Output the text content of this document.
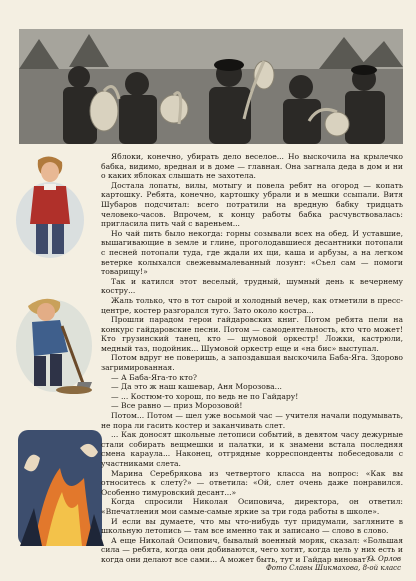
Яблоки, конечно, убирать дело веселое... Но выскочила на крылечко бабка, видимо, вредная и в доме — главная. Она загнала деда в дом и ни о каких яблоках слышать не захотела.

Достала лопаты, вилы, мотыгу и повела ребят на огород — копать картошку. Ребята, конечно, картошку убрали и в мешки ссыпали. Витя Шубаров подсчитал: всего потратили на вредную бабку тридцать человеко-часов. Впрочем, к концу работы бабка расчувствовалась: пригласила пить чай с вареньем...

Но чай пить было некогда: горны созывали всех на обед. И уставшие, вышагивающие в земле и глине, проголодавшиеся десантники потопали с песней потопали туда, где ждали их щи, каша и арбузы, а на легком ветерке колыхался свежевымалеванный лозунг: «Съел сам — помоги товарищу!»

Так и катился этот веселый, трудный, шумный день к вечернему костру...

Жаль только, что в тот сырой и холодный вечер, как отметили в пресс-центре, костер разгорался туго. Зато около костра...

Прошли парадом герои гайдаровских книг. Потом ребята пели на конкурс гайдаровские песни. Потом — самодеятельность, кто что может! Кто грузинский танец, кто — шумовой оркестр! Ложки, кастрюли, медный таз, подойник... Шумовой оркестр еще и «на бис» выступал.

Потом вдруг не поверишь, а запоздавшая выскочила Баба-Яга. Здорово загримированная.

— А Баба-Яга-то кто?

— Да это ж наш кашевар, Аня Морозова...

— ... Костюм-то хорош, по ведь не по Гайдару!

— Все равно — приз Морозовой!

Потом... Потом — шел уже восьмой час — учителя начали подумывать, не пора ли гасить костер и заканчивать слет.

... Как доносят школьные летописи событий, в девятом часу дежурные стали собирать вещмешки и палатки, и к знамени встала последняя смена караула... Наконец, отгрядные корреспонденты побеседовали с участниками слета.

Марина Серебрякова из четвертого класса на вопрос: «Как вы относитесь к слету?» — ответила: «Ой, слет очень даже понравился. Особенно тимуровский десант...»

Когда спросили Николая Осиповича, директора, он ответил: «Впечатления мои самые-самые яркие за три года работы в школе».

И если вы думаете, что мы что-нибудь тут придумали, загляните в школьную летопись — там все именно так и записано — слово в слово.

А еще Николай Осипович, бывалый военный моряк, сказал: «Большая сила — ребята, когда они добиваются, чего хотят, когда цель у них есть и когда они делают все сами... А может быть, тут и Гайдар виноват?»

О. Орлов
Фото Славы Шикмахова, 8-ой класс
